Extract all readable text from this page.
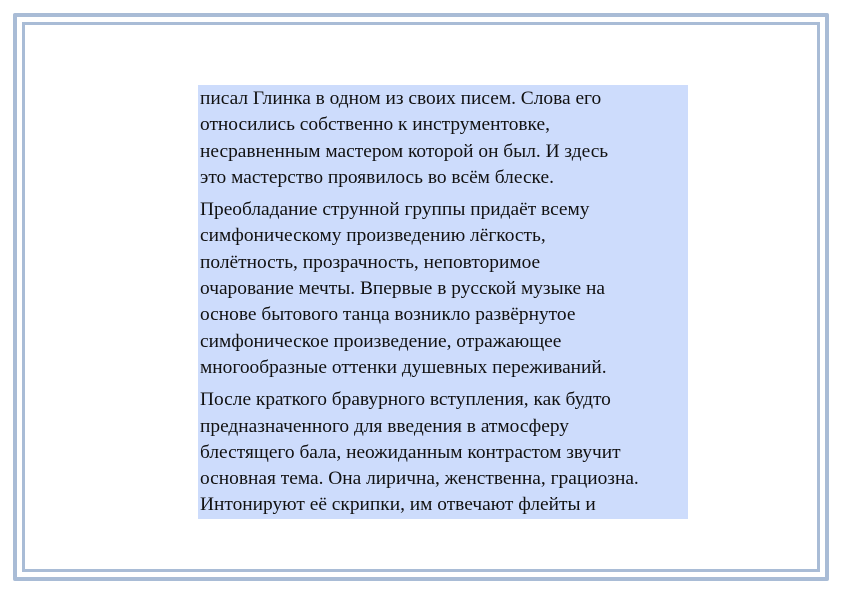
писал Глинка в одном из своих писем. Слова его
относились собственно к инструментовке,
несравненным мастером которой он был. И здесь
это мастерство проявилось во всём блеске.

Преобладание струнной группы придаёт всему
симфоническому произведению лёгкость,
полётность, прозрачность, неповторимое
очарование мечты. Впервые в русской музыке на
основе бытового танца возникло развёрнутое
симфоническое произведение, отражающее
многообразные оттенки душевных переживаний.

После краткого бравурного вступления, как будто
предназначенного для введения в атмосферу
блестящего бала, неожиданным контрастом звучит
основная тема. Она лирична, женственна, грациозна.
Интонируют её скрипки, им отвечают флейты и
